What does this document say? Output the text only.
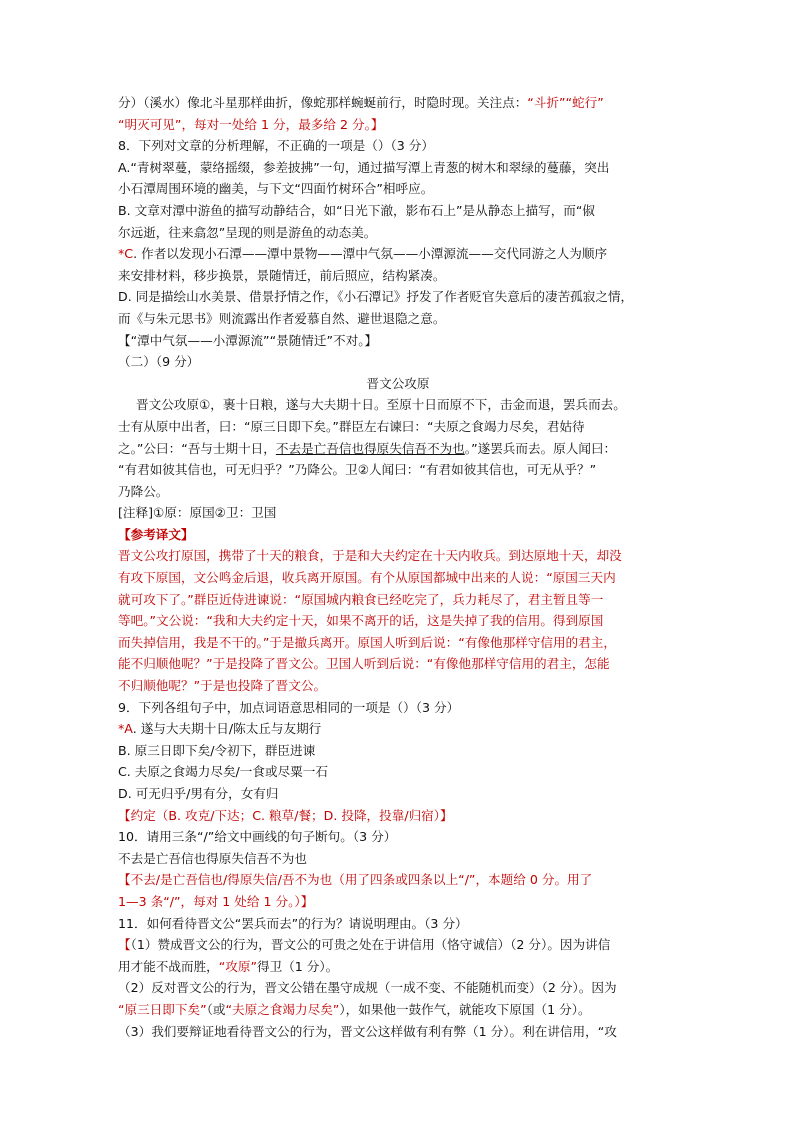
分）（溪水）像北斗星那样曲折，像蛇那样蜿蜒前行，时隐时现。关注点：“斗折”“蛇行”
“明灭可见”，每对一处给 1 分，最多给 2 分。】
8．下列对文章的分析理解，不正确的一项是（）（3 分）
A.“青树翠蔓，蒙络摇缀，参差披拂”一句，通过描写潭上青葱的树木和翠绿的蔓藤，突出
小石潭周围环境的幽美，与下文“四面竹树环合”相呼应。
B. 文章对潭中游鱼的描写动静结合，如“日光下澈，影布石上”是从静态上描写，而“俶
尔远逝，往来翕忽”呈现的则是游鱼的动态美。
*C. 作者以发现小石潭——潭中景物——潭中气氛——小潭源流——交代同游之人为顺序
来安排材料，移步换景，景随情迁，前后照应，结构紧凑。
D. 同是描绘山水美景、借景抒情之作，《小石潭记》抒发了作者贬官失意后的凄苦孤寂之情，
而《与朱元思书》则流露出作者爱慕自然、避世退隐之意。
【“潭中气氛——小潭源流”“景随情迁”不对。】
（二）（9 分）
晋文公攻原
晋文公攻原①，裹十日粮，遂与大夫期十日。至原十日而原不下，击金而退，罢兵而去。
士有从原中出者，曰：“原三日即下矣。”群臣左右谏曰：“夫原之食竭力尽矣，君姑待
之。”公曰：“吾与士期十日，不去是亡吾信也得原失信吾不为也。”遂罢兵而去。原人闻曰：
“有君如彼其信也，可无归乎？”乃降公。卫②人闻曰：“有君如彼其信也，可无从乎？”
乃降公。
[注释]①原：原国②卫：卫国
【参考译文】
晋文公攻打原国，携带了十天的粮食，于是和大夫约定在十天内收兵。到达原地十天，却没
有攻下原国，文公鸣金后退，收兵离开原国。有个从原国都城中出来的人说：“原国三天内
就可攻下了。”群臣近侍进谏说：“原国城内粮食已经吃完了，兵力耗尽了，君主暂且等一
等吧。”文公说：“我和大夫约定十天，如果不离开的话，这是失掉了我的信用。得到原国
而失掉信用，我是不干的。”于是撤兵离开。原国人听到后说：“有像他那样守信用的君主，
能不归顺他呢？”于是投降了晋文公。卫国人听到后说：“有像他那样守信用的君主，怎能
不归顺他呢？”于是也投降了晋文公。
9．下列各组句子中，加点词语意思相同的一项是（）（3 分）
*A. 遂与大夫期十日/陈太丘与友期行
B. 原三日即下矣/令初下，群臣进谏
C. 夫原之食竭力尽矣/一食或尽粟一石
D. 可无归乎/男有分，女有归
【约定（B. 攻克/下达；C. 粮草/餐；D. 投降，投靠/归宿）】
10．请用三条“/”给文中画线的句子断句。（3 分）
不去是亡吾信也得原失信吾不为也
【不去/是亡吾信也/得原失信/吾不为也（用了四条或四条以上“/”，本题给 0 分。用了
1—3 条“/”，每对 1 处给 1 分。）】
11．如何看待晋文公“罢兵而去”的行为？请说明理由。（3 分）
【（1）赞成晋文公的行为，晋文公的可贵之处在于讲信用（恪守诚信）（2 分）。因为讲信
用才能不战而胜，“攻原”得卫（1 分）。
（2）反对晋文公的行为，晋文公错在墨守成规（一成不变、不能随机而变）（2 分）。因为
“原三日即下矣”（或“夫原之食竭力尽矣”），如果他一鼓作气，就能攻下原国（1 分）。
（3）我们要辩证地看待晋文公的行为，晋文公这样做有利有弊（1 分）。利在讲信用，“攻
